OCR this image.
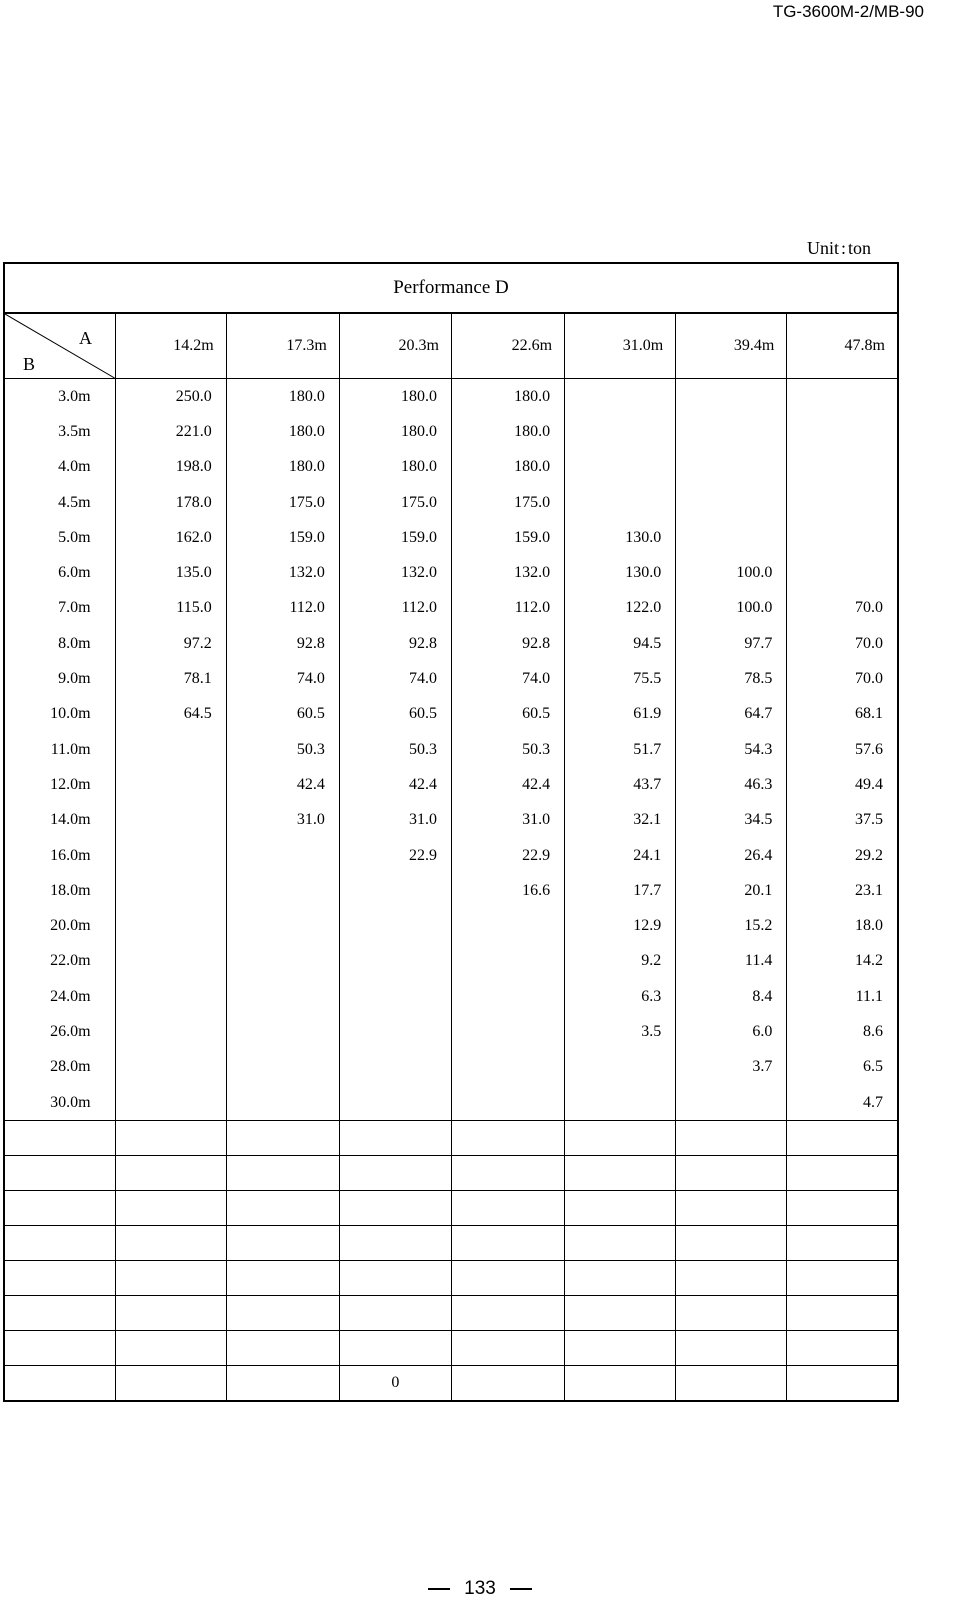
TG-3600M-2/MB-90
Unit : ton
Performance D							

A
B	14.2m	17.3m	20.3m	22.6m	31.0m	39.4m	47.8m
3.0m	250.0	180.0	180.0	180.0			
3.5m	221.0	180.0	180.0	180.0			
4.0m	198.0	180.0	180.0	180.0			
4.5m	178.0	175.0	175.0	175.0			
5.0m	162.0	159.0	159.0	159.0	130.0		
6.0m	135.0	132.0	132.0	132.0	130.0	100.0	
7.0m	115.0	112.0	112.0	112.0	122.0	100.0	70.0
8.0m	97.2	92.8	92.8	92.8	94.5	97.7	70.0
9.0m	78.1	74.0	74.0	74.0	75.5	78.5	70.0
10.0m	64.5	60.5	60.5	60.5	61.9	64.7	68.1
11.0m		50.3	50.3	50.3	51.7	54.3	57.6
12.0m		42.4	42.4	42.4	43.7	46.3	49.4
14.0m		31.0	31.0	31.0	32.1	34.5	37.5
16.0m			22.9	22.9	24.1	26.4	29.2
18.0m				16.6	17.7	20.1	23.1
20.0m					12.9	15.2	18.0
22.0m					9.2	11.4	14.2
24.0m					6.3	8.4	11.1
26.0m					3.5	6.0	8.6
28.0m						3.7	6.5
30.0m							4.7

			0				
133
